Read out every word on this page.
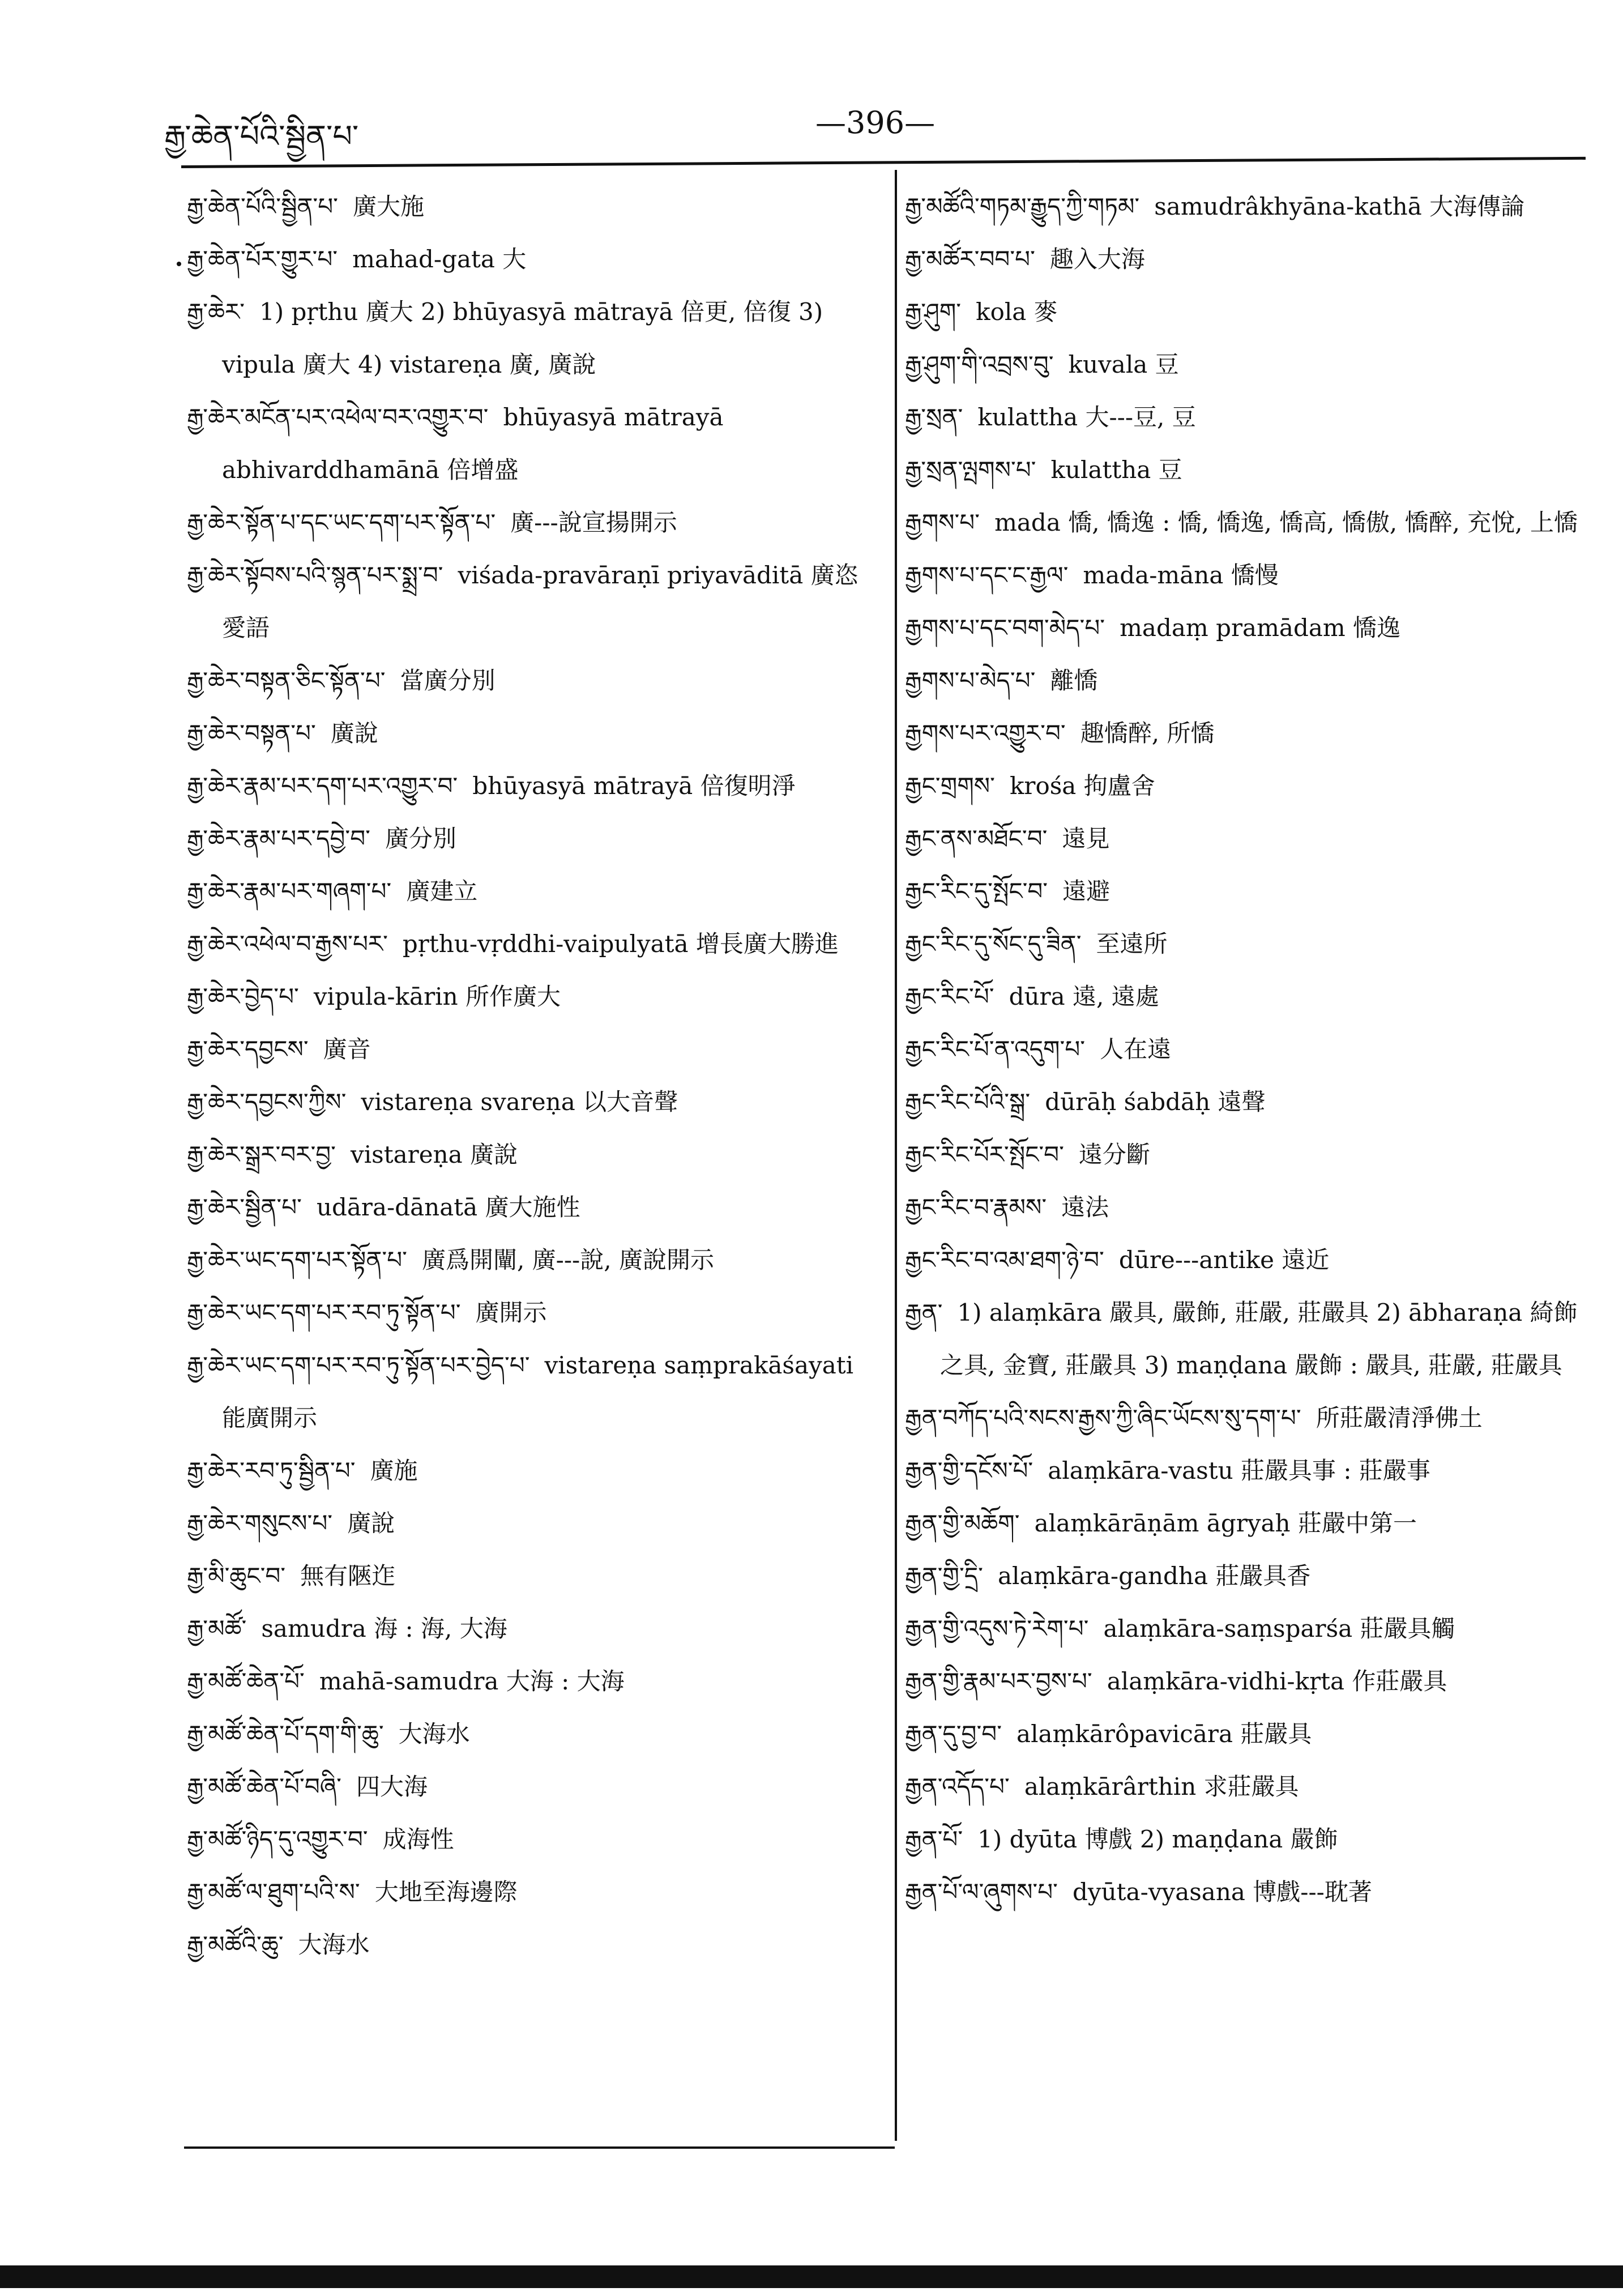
རྒྱ་ཆེན་པོའི་སྦྱིན་པ་	—396—
རྒྱ་ཆེན་པོའི་སྦྱིན་པ་ 廣大施
རྒྱ་ཆེན་པོར་གྱུར་པ་ mahad-gata 大
རྒྱ་ཆེར་ 1) pṛthu 廣大 2) bhūyasyā mātrayā 倍更, 倍復 3) vipula 廣大 4) vistareṇa 廣, 廣說
རྒྱ་ཆེར་མངོན་པར་འཕེལ་བར་འགྱུར་བ་ bhūyasyā mātrayā abhivarddhamānā 倍增盛
རྒྱ་ཆེར་སྟོན་པ་དང་ཡང་དག་པར་སྟོན་པ་ 廣---說宣揚開示
རྒྱ་ཆེར་སྟོབས་པའི་སྙན་པར་སྨྲ་བ་ viśada-pravāraṇī priyavāditā 廣恣愛語
རྒྱ་ཆེར་བསྟན་ཅིང་སྟོན་པ་ 當廣分別
རྒྱ་ཆེར་བསྟན་པ་ 廣說
རྒྱ་ཆེར་རྣམ་པར་དག་པར་འགྱུར་བ་ bhūyasyā mātrayā 倍復明淨
རྒྱ་ཆེར་རྣམ་པར་དབྱེ་བ་ 廣分別
རྒྱ་ཆེར་རྣམ་པར་གཞག་པ་ 廣建立
རྒྱ་ཆེར་འཕེལ་བ་རྒྱས་པར་ pṛthu-vṛddhi-vaipulyatā 增長廣大勝進
རྒྱ་ཆེར་བྱེད་པ་ vipula-kārin 所作廣大
རྒྱ་ཆེར་དབྱངས་ 廣音
རྒྱ་ཆེར་དབྱངས་ཀྱིས་ vistareṇa svareṇa 以大音聲
རྒྱ་ཆེར་སྒྲར་བར་བྱ་ vistareṇa 廣說
རྒྱ་ཆེར་སྦྱིན་པ་ udāra-dānatā 廣大施性
རྒྱ་ཆེར་ཡང་དག་པར་སྟོན་པ་ 廣爲開闡, 廣---說, 廣說開示
རྒྱ་ཆེར་ཡང་དག་པར་རབ་ཏུ་སྟོན་པ་ 廣開示
རྒྱ་ཆེར་ཡང་དག་པར་རབ་ཏུ་སྟོན་པར་བྱེད་པ་ vistareṇa saṃprakāśayati 能廣開示
རྒྱ་ཆེར་རབ་ཏུ་སྦྱིན་པ་ 廣施
རྒྱ་ཆེར་གསུངས་པ་ 廣說
རྒྱ་མི་ཆུང་བ་ 無有陿迮
རྒྱ་མཚོ་ samudra 海 : 海, 大海
རྒྱ་མཚོ་ཆེན་པོ་ mahā-samudra 大海 : 大海
རྒྱ་མཚོ་ཆེན་པོ་དག་གི་ཆུ་ 大海水
རྒྱ་མཚོ་ཆེན་པོ་བཞི་ 四大海
རྒྱ་མཚོ་ཉིད་དུ་འགྱུར་བ་ 成海性
རྒྱ་མཚོ་ལ་ཐུག་པའི་ས་ 大地至海邊際
རྒྱ་མཚོའི་ཆུ་ 大海水
རྒྱ་མཚོའི་གཏམ་རྒྱུད་ཀྱི་གཏམ་ samudrâkhyāna-kathā 大海傳論
རྒྱ་མཚོར་བབ་པ་ 趣入大海
རྒྱ་ཤུག་ kola 麥
རྒྱ་ཤུག་གི་འབྲས་བུ་ kuvala 豆
རྒྱ་སྲན་ kulattha 大---豆, 豆
རྒྱ་སྲན་ལྤགས་པ་ kulattha 豆
རྒྱགས་པ་ mada 憍, 憍逸 : 憍, 憍逸, 憍高, 憍傲, 憍醉, 充悅, 上憍
རྒྱགས་པ་དང་ང་རྒྱལ་ mada-māna 憍慢
རྒྱགས་པ་དང་བག་མེད་པ་ madaṃ pramādam 憍逸
རྒྱགས་པ་མེད་པ་ 離憍
རྒྱགས་པར་འགྱུར་བ་ 趣憍醉, 所憍
རྒྱང་གྲགས་ krośa 拘盧舍
རྒྱང་ནས་མཐོང་བ་ 遠見
རྒྱང་རིང་དུ་སྤོང་བ་ 遠避
རྒྱང་རིང་དུ་སོང་དུ་ཟིན་ 至遠所
རྒྱང་རིང་པོ་ dūra 遠, 遠處
རྒྱང་རིང་པོ་ན་འདུག་པ་ 人在遠
རྒྱང་རིང་པོའི་སྒྲ་ dūrāḥ śabdāḥ 遠聲
རྒྱང་རིང་པོར་སྤོང་བ་ 遠分斷
རྒྱང་རིང་བ་རྣམས་ 遠法
རྒྱང་རིང་བ་འམ་ཐག་ཉེ་བ་ dūre---antike 遠近
རྒྱན་ 1) alaṃkāra 嚴具, 嚴飾, 莊嚴, 莊嚴具 2) ābharaṇa 綺飾之具, 金寶, 莊嚴具 3) maṇḍana 嚴飾 : 嚴具, 莊嚴, 莊嚴具
རྒྱན་བཀོད་པའི་སངས་རྒྱས་ཀྱི་ཞིང་ཡོངས་སུ་དག་པ་ 所莊嚴清淨佛土
རྒྱན་གྱི་དངོས་པོ་ alaṃkāra-vastu 莊嚴具事 : 莊嚴事
རྒྱན་གྱི་མཆོག་ alaṃkārāṇām āgryaḥ 莊嚴中第一
རྒྱན་གྱི་དྲི་ alaṃkāra-gandha 莊嚴具香
རྒྱན་གྱི་འདུས་ཏེ་རེག་པ་ alaṃkāra-saṃsparśa 莊嚴具觸
རྒྱན་གྱི་རྣམ་པར་བྱས་པ་ alaṃkāra-vidhi-kṛta 作莊嚴具
རྒྱན་དུ་བྱ་བ་ alaṃkārôpavicāra 莊嚴具
རྒྱན་འདོད་པ་ alaṃkārârthin 求莊嚴具
རྒྱན་པོ་ 1) dyūta 博戲 2) maṇḍana 嚴飾
རྒྱན་པོ་ལ་ཞུགས་པ་ dyūta-vyasana 博戲---耽著
